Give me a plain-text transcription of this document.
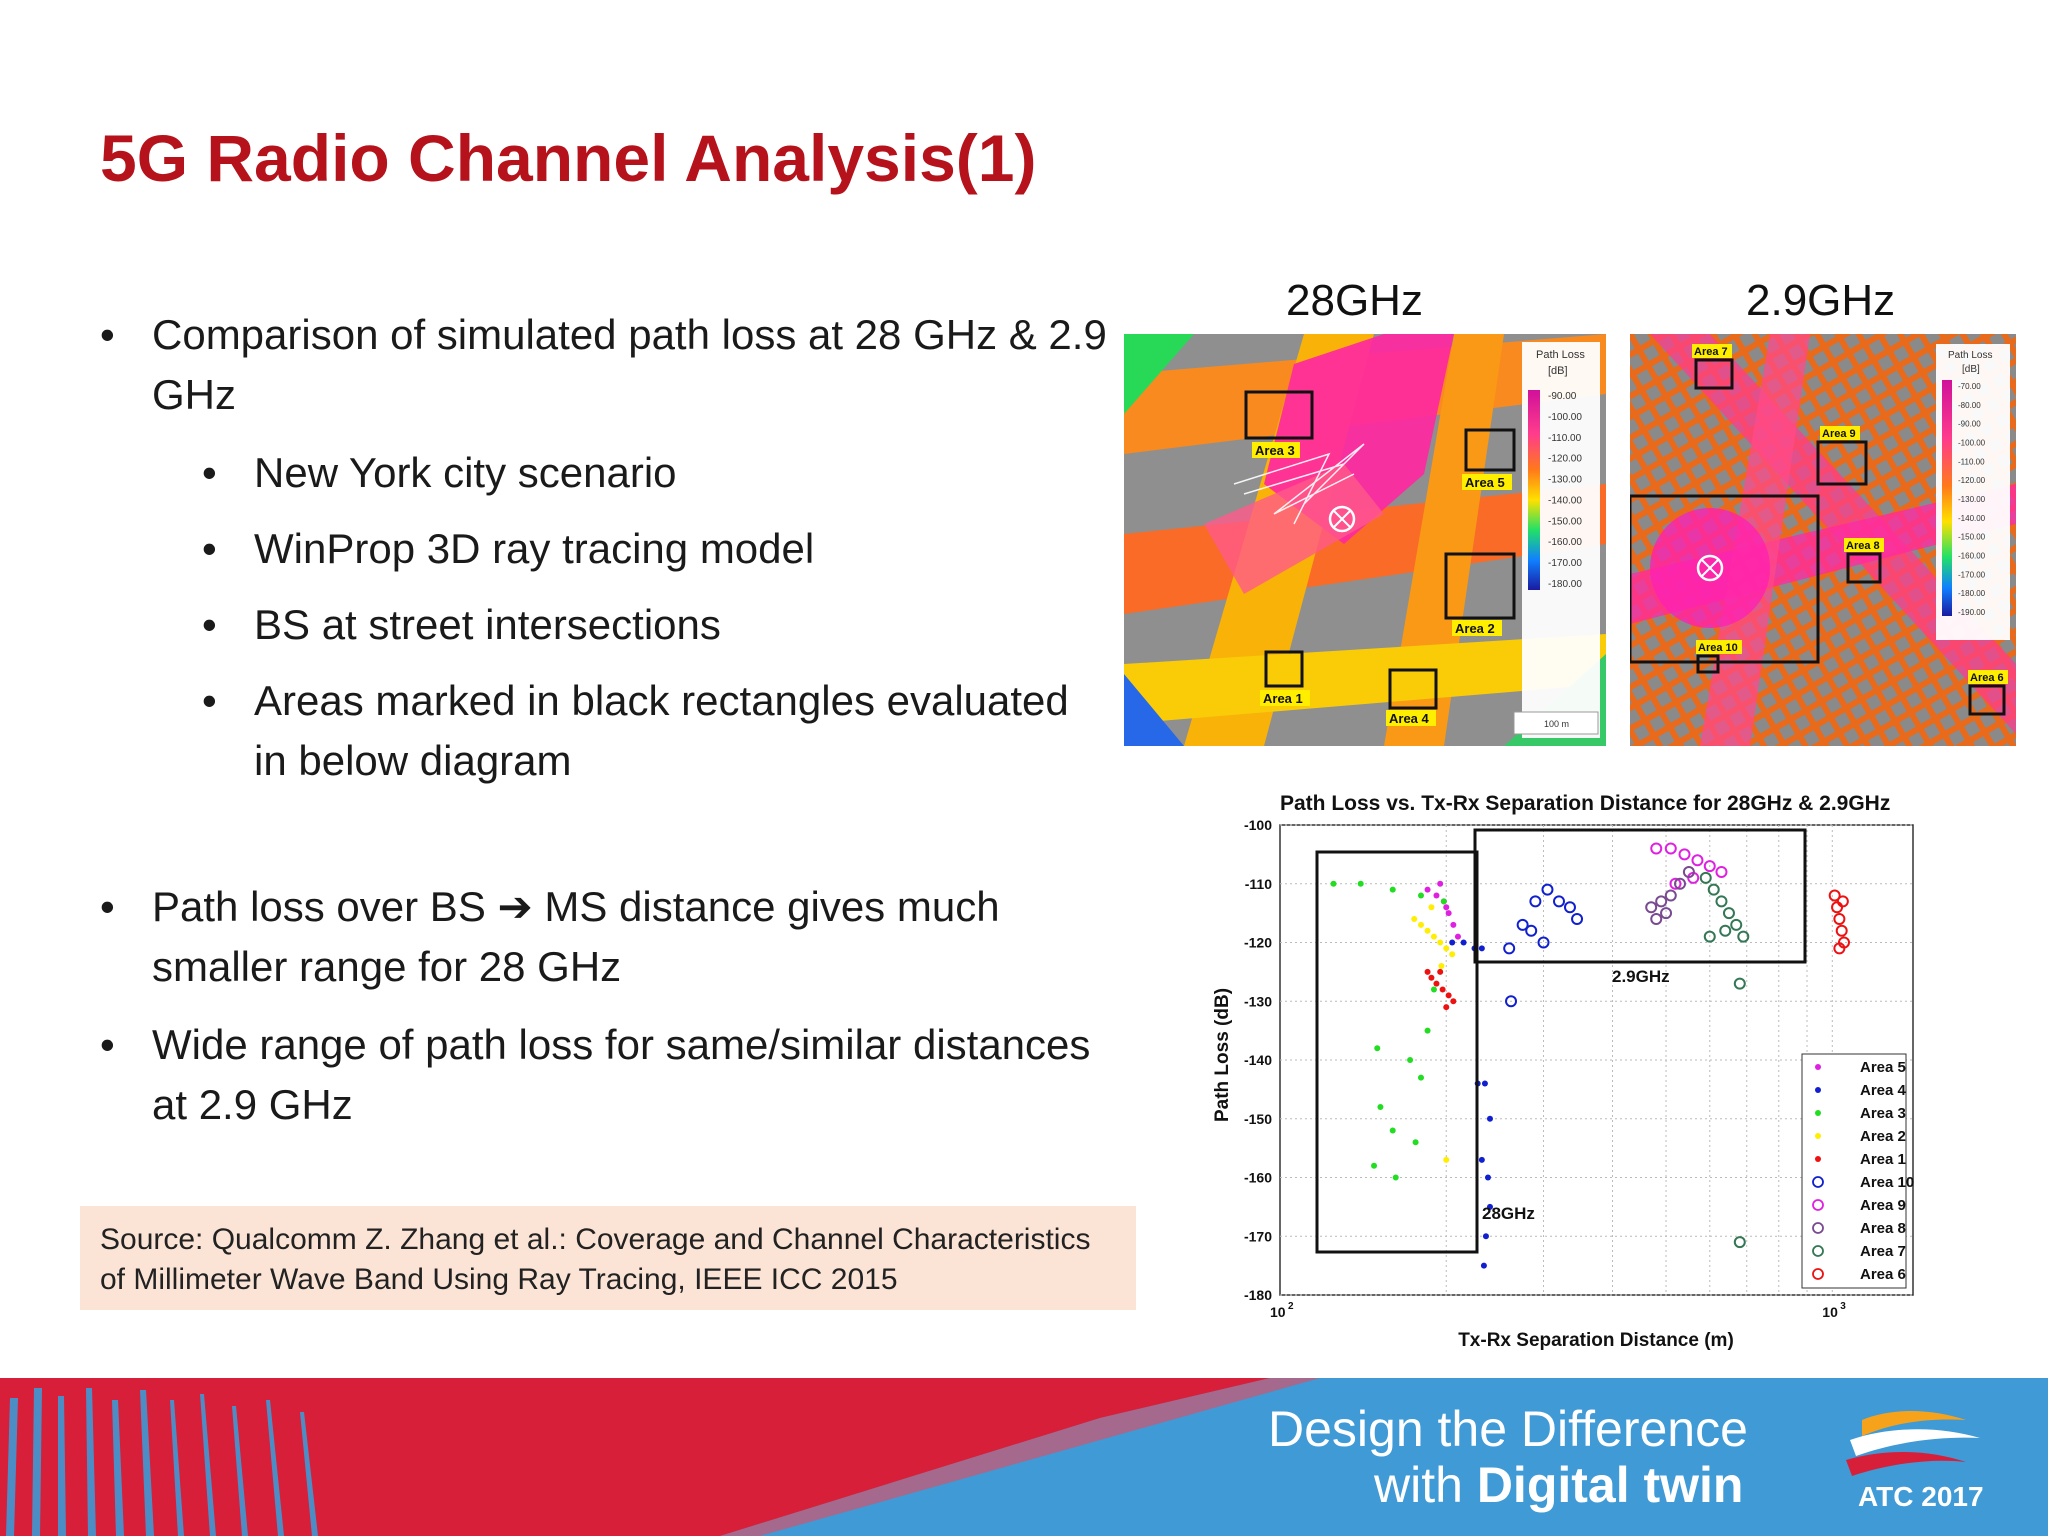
5G Radio Channel Analysis(1)
• Comparison of simulated path loss at 28 GHz & 2.9 GHz
• New York city scenario
• WinProp 3D ray tracing model
• BS at street intersections
• Areas marked in black rectangles evaluated in below diagram
• Path loss over BS ➔ MS distance gives much smaller range for 28 GHz
• Wide range of path loss for same/similar distances at 2.9 GHz
Source: Qualcomm Z. Zhang et al.: Coverage and Channel Characteristics of Millimeter Wave Band Using Ray Tracing, IEEE ICC 2015
28GHz	2.9GHz
Area 3
Area 5
Area 2
Area 1
Area 4
Path Loss
[dB]
-90.00
-100.00
-110.00
-120.00
-130.00
-140.00
-150.00
-160.00
-170.00
-180.00
100 m
Area 7
Area 9
Area 8
Area 10
Area 6
Path Loss
[dB]
-70.00
-80.00
-90.00
-100.00
-110.00
-120.00
-130.00
-140.00
-150.00
-160.00
-170.00
-180.00
-190.00
Path Loss vs. Tx-Rx Separation Distance for 28GHz & 2.9GHz
-100
-110
-120
-130
-140
-150
-160
-170
-180
10 2	10 3
2.9GHz
28GHz
Path Loss (dB)
Tx-Rx Separation Distance (m)
Area 5
Area 4
Area 3
Area 2
Area 1
Area 10
Area 9
Area 8
Area 7
Area 6
Design the Difference
with Digital twin	ATC 2017
